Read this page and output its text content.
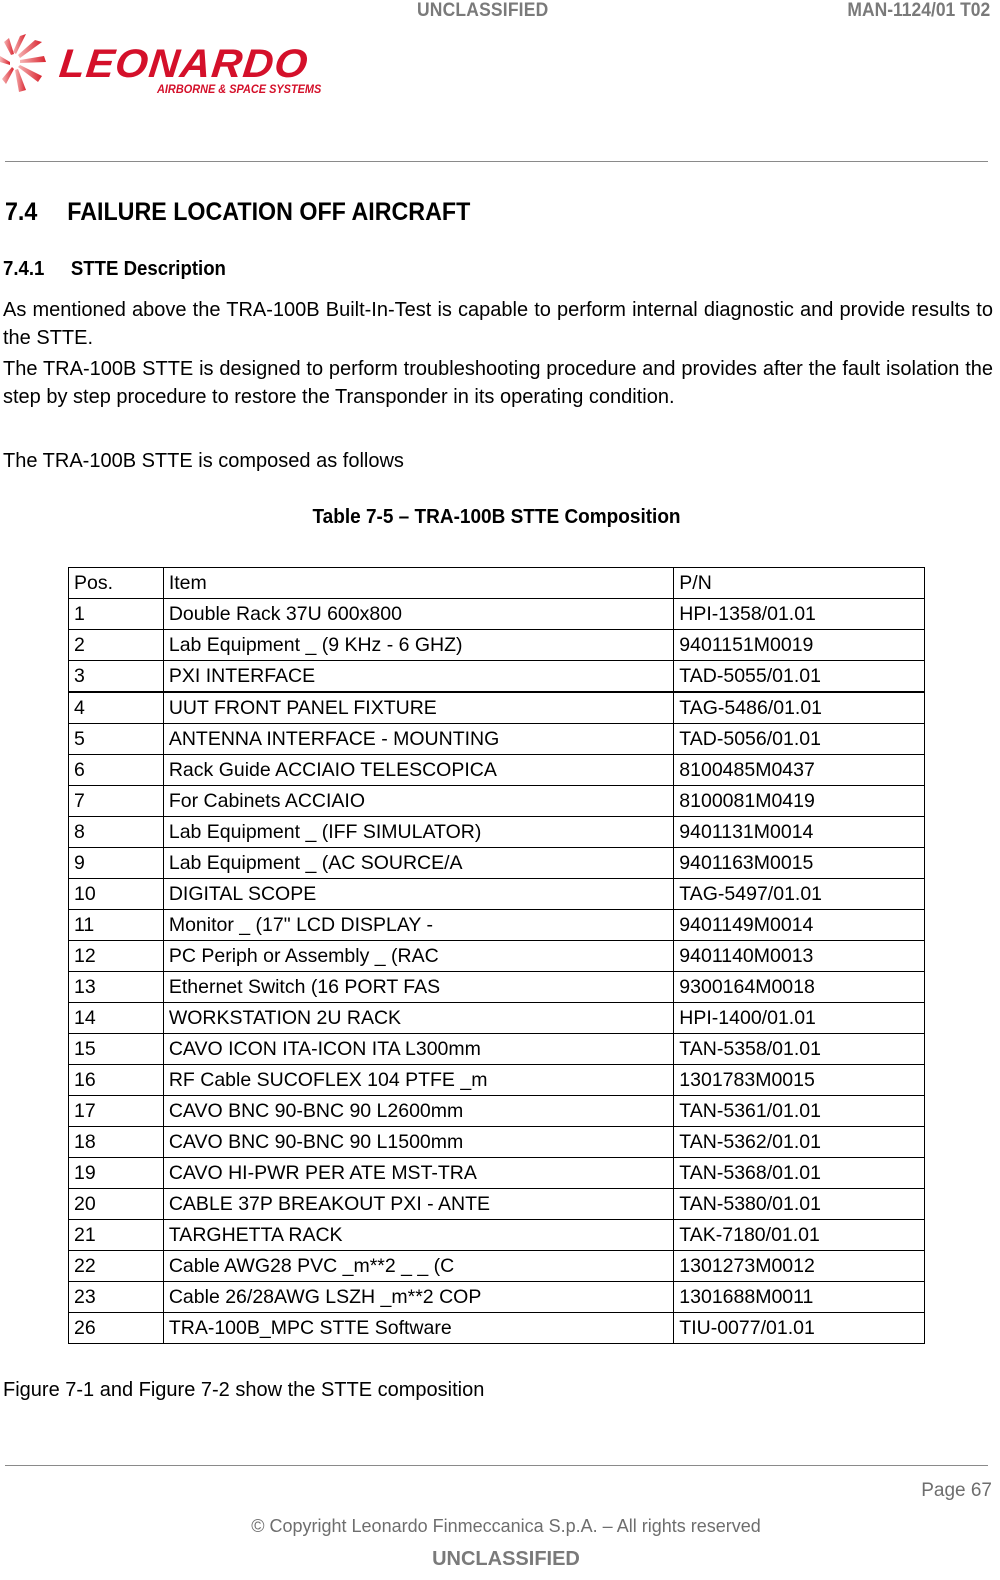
UNCLASSIFIED	MAN-1124/01 T02
LEONARDO
AIRBORNE & SPACE SYSTEMS
7.4 FAILURE LOCATION OFF AIRCRAFT
7.4.1 STTE Description
As mentioned above the TRA-100B Built-In-Test is capable to perform internal diagnostic and provide results to the STTE.
The TRA-100B STTE is designed to perform troubleshooting procedure and provides after the fault isolation the step by step procedure to restore the Transponder in its operating condition.
The TRA-100B STTE is composed as follows
Table 7-5 – TRA-100B STTE Composition
Pos.	Item	P/N
1	Double Rack 37U 600x800	HPI-1358/01.01
2	Lab Equipment _ (9 KHz - 6 GHZ)	9401151M0019
3	PXI INTERFACE	TAD-5055/01.01
4	UUT FRONT PANEL FIXTURE	TAG-5486/01.01
5	ANTENNA INTERFACE - MOUNTING	TAD-5056/01.01
6	Rack Guide ACCIAIO TELESCOPICA	8100485M0437
7	For Cabinets ACCIAIO	8100081M0419
8	Lab Equipment _ (IFF SIMULATOR)	9401131M0014
9	Lab Equipment _ (AC SOURCE/A	9401163M0015
10	DIGITAL SCOPE	TAG-5497/01.01
11	Monitor _ (17" LCD DISPLAY -	9401149M0014
12	PC Periph or Assembly _ (RAC	9401140M0013
13	Ethernet Switch (16 PORT FAS	9300164M0018
14	WORKSTATION 2U RACK	HPI-1400/01.01
15	CAVO ICON ITA-ICON ITA L300mm	TAN-5358/01.01
16	RF Cable SUCOFLEX 104 PTFE _m	1301783M0015
17	CAVO BNC 90-BNC 90 L2600mm	TAN-5361/01.01
18	CAVO BNC 90-BNC 90 L1500mm	TAN-5362/01.01
19	CAVO HI-PWR PER ATE MST-TRA	TAN-5368/01.01
20	CABLE 37P BREAKOUT PXI - ANTE	TAN-5380/01.01
21	TARGHETTA RACK	TAK-7180/01.01
22	Cable AWG28 PVC _m**2 _ _ (C	1301273M0012
23	Cable 26/28AWG LSZH _m**2 COP	1301688M0011
26	TRA-100B_MPC STTE Software	TIU-0077/01.01
Figure 7-1 and Figure 7-2 show the STTE composition
Page 67
© Copyright Leonardo Finmeccanica S.p.A. – All rights reserved
UNCLASSIFIED
